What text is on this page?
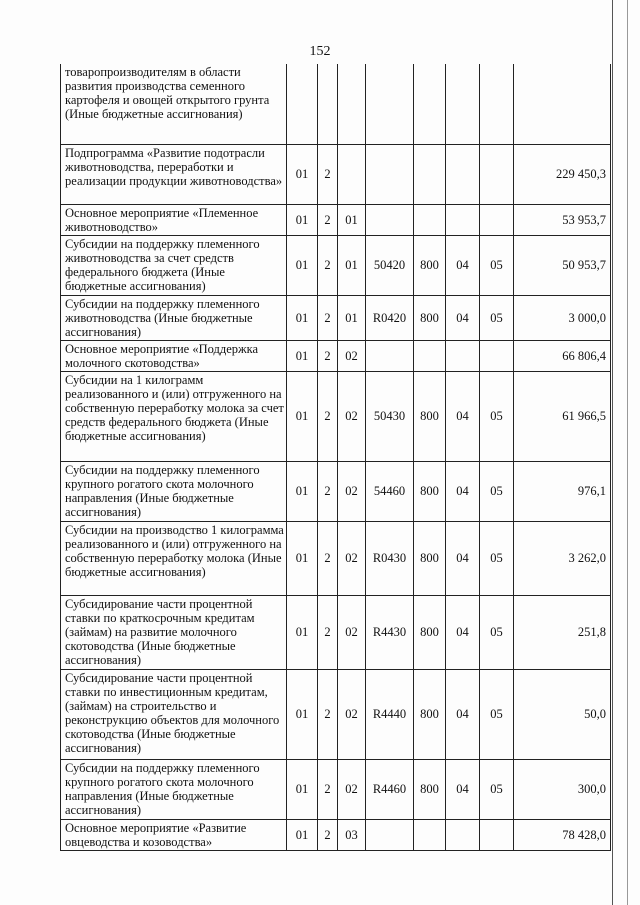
152
товаропроизводителям в области развития производства семенного картофеля и овощей открытого грунта (Иные бюджетные ассигнования)								
Подпрограмма «Развитие подотрасли животноводства, переработки и реализации продукции животноводства»	01	2						229 450,3
Основное мероприятие «Племенное животноводство»	01	2	01					53 953,7
Субсидии на поддержку племенного животноводства за счет средств федерального бюджета (Иные бюджетные ассигнования)	01	2	01	50420	800	04	05	50 953,7
Субсидии на поддержку племенного животноводства (Иные бюджетные ассигнования)	01	2	01	R0420	800	04	05	3 000,0
Основное мероприятие «Поддержка молочного скотоводства»	01	2	02					66 806,4
Субсидии на 1 килограмм реализованного и (или) отгруженного на собственную переработку молока за счет средств федерального бюджета (Иные бюджетные ассигнования)	01	2	02	50430	800	04	05	61 966,5
Субсидии на поддержку племенного крупного рогатого скота молочного направления (Иные бюджетные ассигнования)	01	2	02	54460	800	04	05	976,1
Субсидии на производство 1 килограмма реализованного и (или) отгруженного на собственную переработку молока (Иные бюджетные ассигнования)	01	2	02	R0430	800	04	05	3 262,0
Субсидирование части процентной ставки по краткосрочным кредитам (займам) на развитие молочного скотоводства (Иные бюджетные ассигнования)	01	2	02	R4430	800	04	05	251,8
Субсидирование части процентной ставки по инвестиционным кредитам, (займам) на строительство и реконструкцию объектов для молочного скотоводства (Иные бюджетные ассигнования)	01	2	02	R4440	800	04	05	50,0
Субсидии на поддержку племенного крупного рогатого скота молочного направления (Иные бюджетные ассигнования)	01	2	02	R4460	800	04	05	300,0
Основное мероприятие «Развитие овцеводства и козоводства»	01	2	03					78 428,0
